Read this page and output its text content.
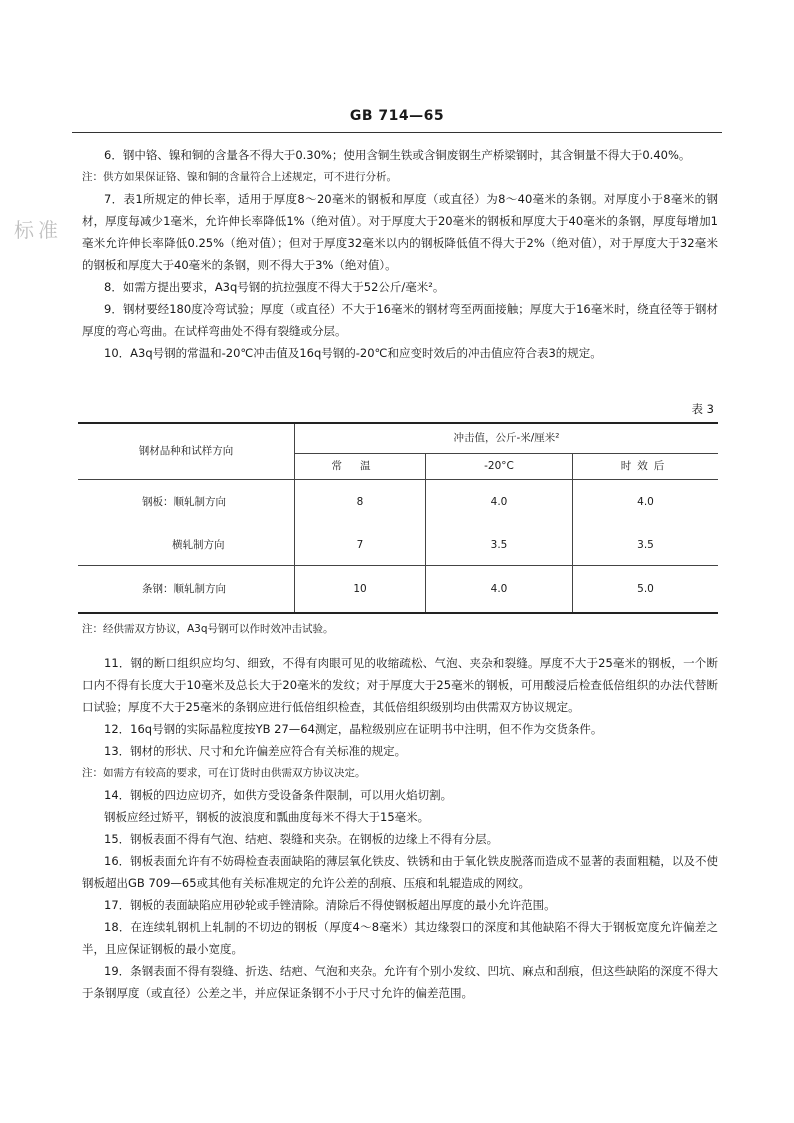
GB 714—65
标准

6．钢中铬、镍和铜的含量各不得大于0.30%；使用含铜生铁或含铜废钢生产桥梁钢时，其含铜量不得大于0.40%。

注：供方如果保证铬、镍和铜的含量符合上述规定，可不进行分析。

7．表1所规定的伸长率，适用于厚度8～20毫米的钢板和厚度（或直径）为8～40毫米的条钢。对厚度小于8毫米的钢材，厚度每减少1毫米，允许伸长率降低1%（绝对值）。对于厚度大于20毫米的钢板和厚度大于40毫米的条钢，厚度每增加1毫米允许伸长率降低0.25%（绝对值）；但对于厚度32毫米以内的钢板降低值不得大于2%（绝对值），对于厚度大于32毫米的钢板和厚度大于40毫米的条钢，则不得大于3%（绝对值）。

8．如需方提出要求，A3q号钢的抗拉强度不得大于52公斤/毫米²。

9．钢材要经180度冷弯试验；厚度（或直径）不大于16毫米的钢材弯至两面接触；厚度大于16毫米时，绕直径等于钢材厚度的弯心弯曲。在试样弯曲处不得有裂缝或分层。

10．A3q号钢的常温和-20℃冲击值及16q号钢的-20℃和应变时效后的冲击值应符合表3的规定。

表 3
钢材品种和试样方向	冲击值，公斤-米/厘米²		
	常温	-20°C	时效后
钢板：顺轧制方向	8	4.0	4.0
横轧制方向	7	3.5	3.5
条钢：顺轧制方向	10	4.0	5.0

注：经供需双方协议，A3q号钢可以作时效冲击试验。

11．钢的断口组织应均匀、细致，不得有肉眼可见的收缩疏松、气泡、夹杂和裂缝。厚度不大于25毫米的钢板，一个断口内不得有长度大于10毫米及总长大于20毫米的发纹；对于厚度大于25毫米的钢板，可用酸浸后检查低倍组织的办法代替断口试验；厚度不大于25毫米的条钢应进行低倍组织检查，其低倍组织级别均由供需双方协议规定。

12．16q号钢的实际晶粒度按YB 27—64测定，晶粒级别应在证明书中注明，但不作为交货条件。

13．钢材的形状、尺寸和允许偏差应符合有关标准的规定。

注：如需方有较高的要求，可在订货时由供需双方协议决定。

14．钢板的四边应切齐，如供方受设备条件限制，可以用火焰切割。

钢板应经过矫平，钢板的波浪度和瓢曲度每米不得大于15毫米。

15．钢板表面不得有气泡、结疤、裂缝和夹杂。在钢板的边缘上不得有分层。

16．钢板表面允许有不妨碍检查表面缺陷的薄层氧化铁皮、铁锈和由于氧化铁皮脱落而造成不显著的表面粗糙，以及不使钢板超出GB 709—65或其他有关标准规定的允许公差的刮痕、压痕和轧辊造成的网纹。

17．钢板的表面缺陷应用砂轮或手锉清除。清除后不得使钢板超出厚度的最小允许范围。

18．在连续轧钢机上轧制的不切边的钢板（厚度4～8毫米）其边缘裂口的深度和其他缺陷不得大于钢板宽度允许偏差之半，且应保证钢板的最小宽度。

19．条钢表面不得有裂缝、折迭、结疤、气泡和夹杂。允许有个别小发纹、凹坑、麻点和刮痕，但这些缺陷的深度不得大于条钢厚度（或直径）公差之半，并应保证条钢不小于尺寸允许的偏差范围。
